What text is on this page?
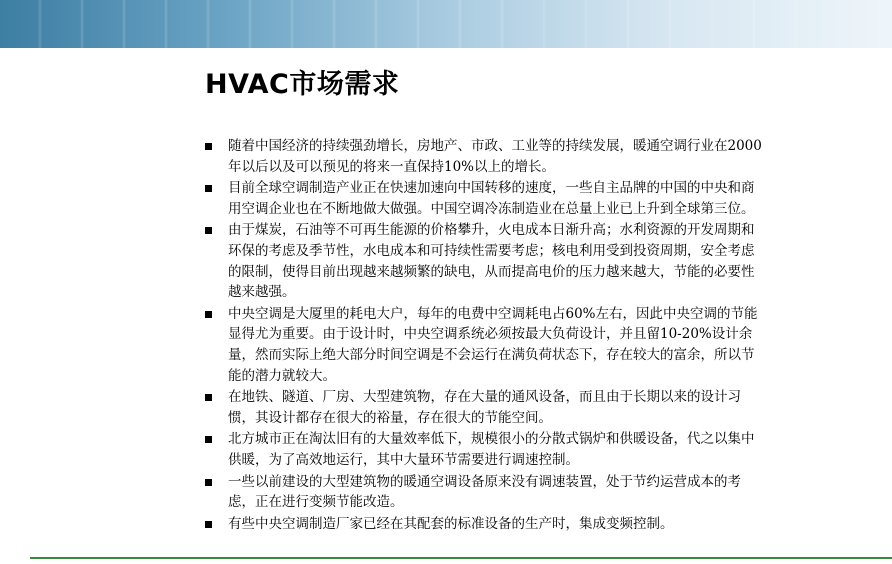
HVAC市场需求
随着中国经济的持续强劲增长，房地产、市政、工业等的持续发展，暖通空调行业在2000年以后以及可以预见的将来一直保持10%以上的增长。
目前全球空调制造产业正在快速加速向中国转移的速度，一些自主品牌的中国的中央和商用空调企业也在不断地做大做强。中国空调冷冻制造业在总量上业已上升到全球第三位。
由于煤炭，石油等不可再生能源的价格攀升，火电成本日渐升高；水利资源的开发周期和环保的考虑及季节性，水电成本和可持续性需要考虑；核电利用受到投资周期，安全考虑的限制，使得目前出现越来越频繁的缺电，从而提高电价的压力越来越大，节能的必要性越来越强。
中央空调是大厦里的耗电大户，每年的电费中空调耗电占60%左右，因此中央空调的节能显得尤为重要。由于设计时，中央空调系统必须按最大负荷设计，并且留10-20%设计余量，然而实际上绝大部分时间空调是不会运行在满负荷状态下，存在较大的富余，所以节能的潜力就较大。
在地铁、隧道、厂房、大型建筑物，存在大量的通风设备，而且由于长期以来的设计习惯，其设计都存在很大的裕量，存在很大的节能空间。
北方城市正在淘汰旧有的大量效率低下，规模很小的分散式锅炉和供暖设备，代之以集中供暖，为了高效地运行，其中大量环节需要进行调速控制。
一些以前建设的大型建筑物的暖通空调设备原来没有调速装置，处于节约运营成本的考虑，正在进行变频节能改造。
有些中央空调制造厂家已经在其配套的标准设备的生产时，集成变频控制。
